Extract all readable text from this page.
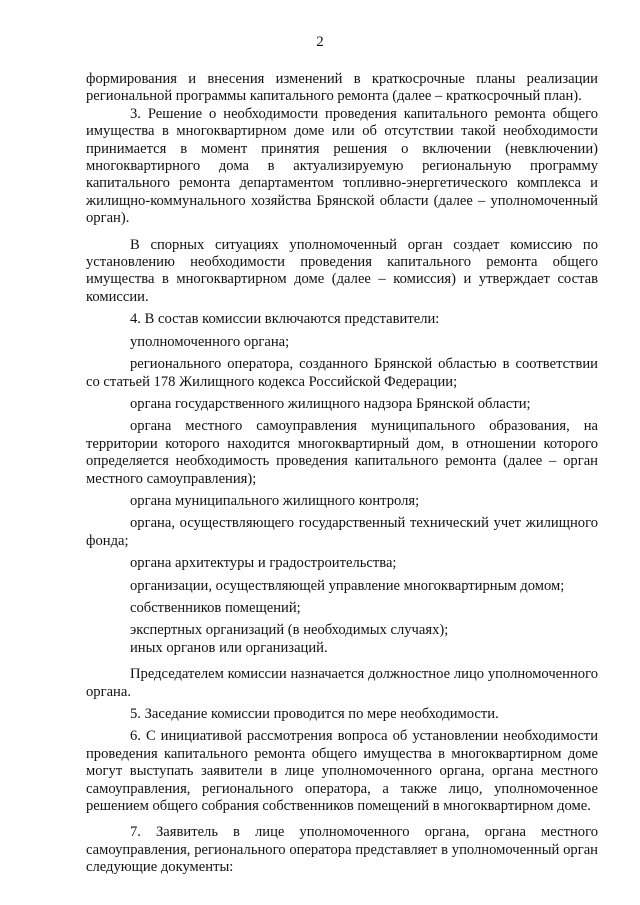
2

формирования и внесения изменений в краткосрочные планы реализации региональной программы капитального ремонта (далее – краткосрочный план).

3. Решение о необходимости проведения капитального ремонта общего имущества в многоквартирном доме или об отсутствии такой необходимости принимается в момент принятия решения о включении (невключении) многоквартирного дома в актуализируемую региональную программу капитального ремонта департаментом топливно-энергетического комплекса и жилищно-коммунального хозяйства Брянской области (далее – уполномоченный орган).

В спорных ситуациях уполномоченный орган создает комиссию по установлению необходимости проведения капитального ремонта общего имущества в многоквартирном доме (далее – комиссия) и утверждает состав комиссии.

4. В состав комиссии включаются представители:

уполномоченного органа;

регионального оператора, созданного Брянской областью в соответствии со статьей 178 Жилищного кодекса Российской Федерации;

органа государственного жилищного надзора Брянской области;

органа местного самоуправления муниципального образования, на территории которого находится многоквартирный дом, в отношении которого определяется необходимость проведения капитального ремонта (далее – орган местного самоуправления);

органа муниципального жилищного контроля;

органа, осуществляющего государственный технический учет жилищного фонда;

органа архитектуры и градостроительства;

организации, осуществляющей управление многоквартирным домом;

собственников помещений;

экспертных организаций (в необходимых случаях);

иных органов или организаций.

Председателем комиссии назначается должностное лицо уполномоченного органа.

5. Заседание комиссии проводится по мере необходимости.

6. С инициативой рассмотрения вопроса об установлении необходимости проведения капитального ремонта общего имущества в многоквартирном доме могут выступать заявители в лице уполномоченного органа, органа местного самоуправления, регионального оператора, а также лицо, уполномоченное решением общего собрания собственников помещений в многоквартирном доме.

7. Заявитель в лице уполномоченного органа, органа местного самоуправления, регионального оператора представляет в уполномоченный орган следующие документы:
